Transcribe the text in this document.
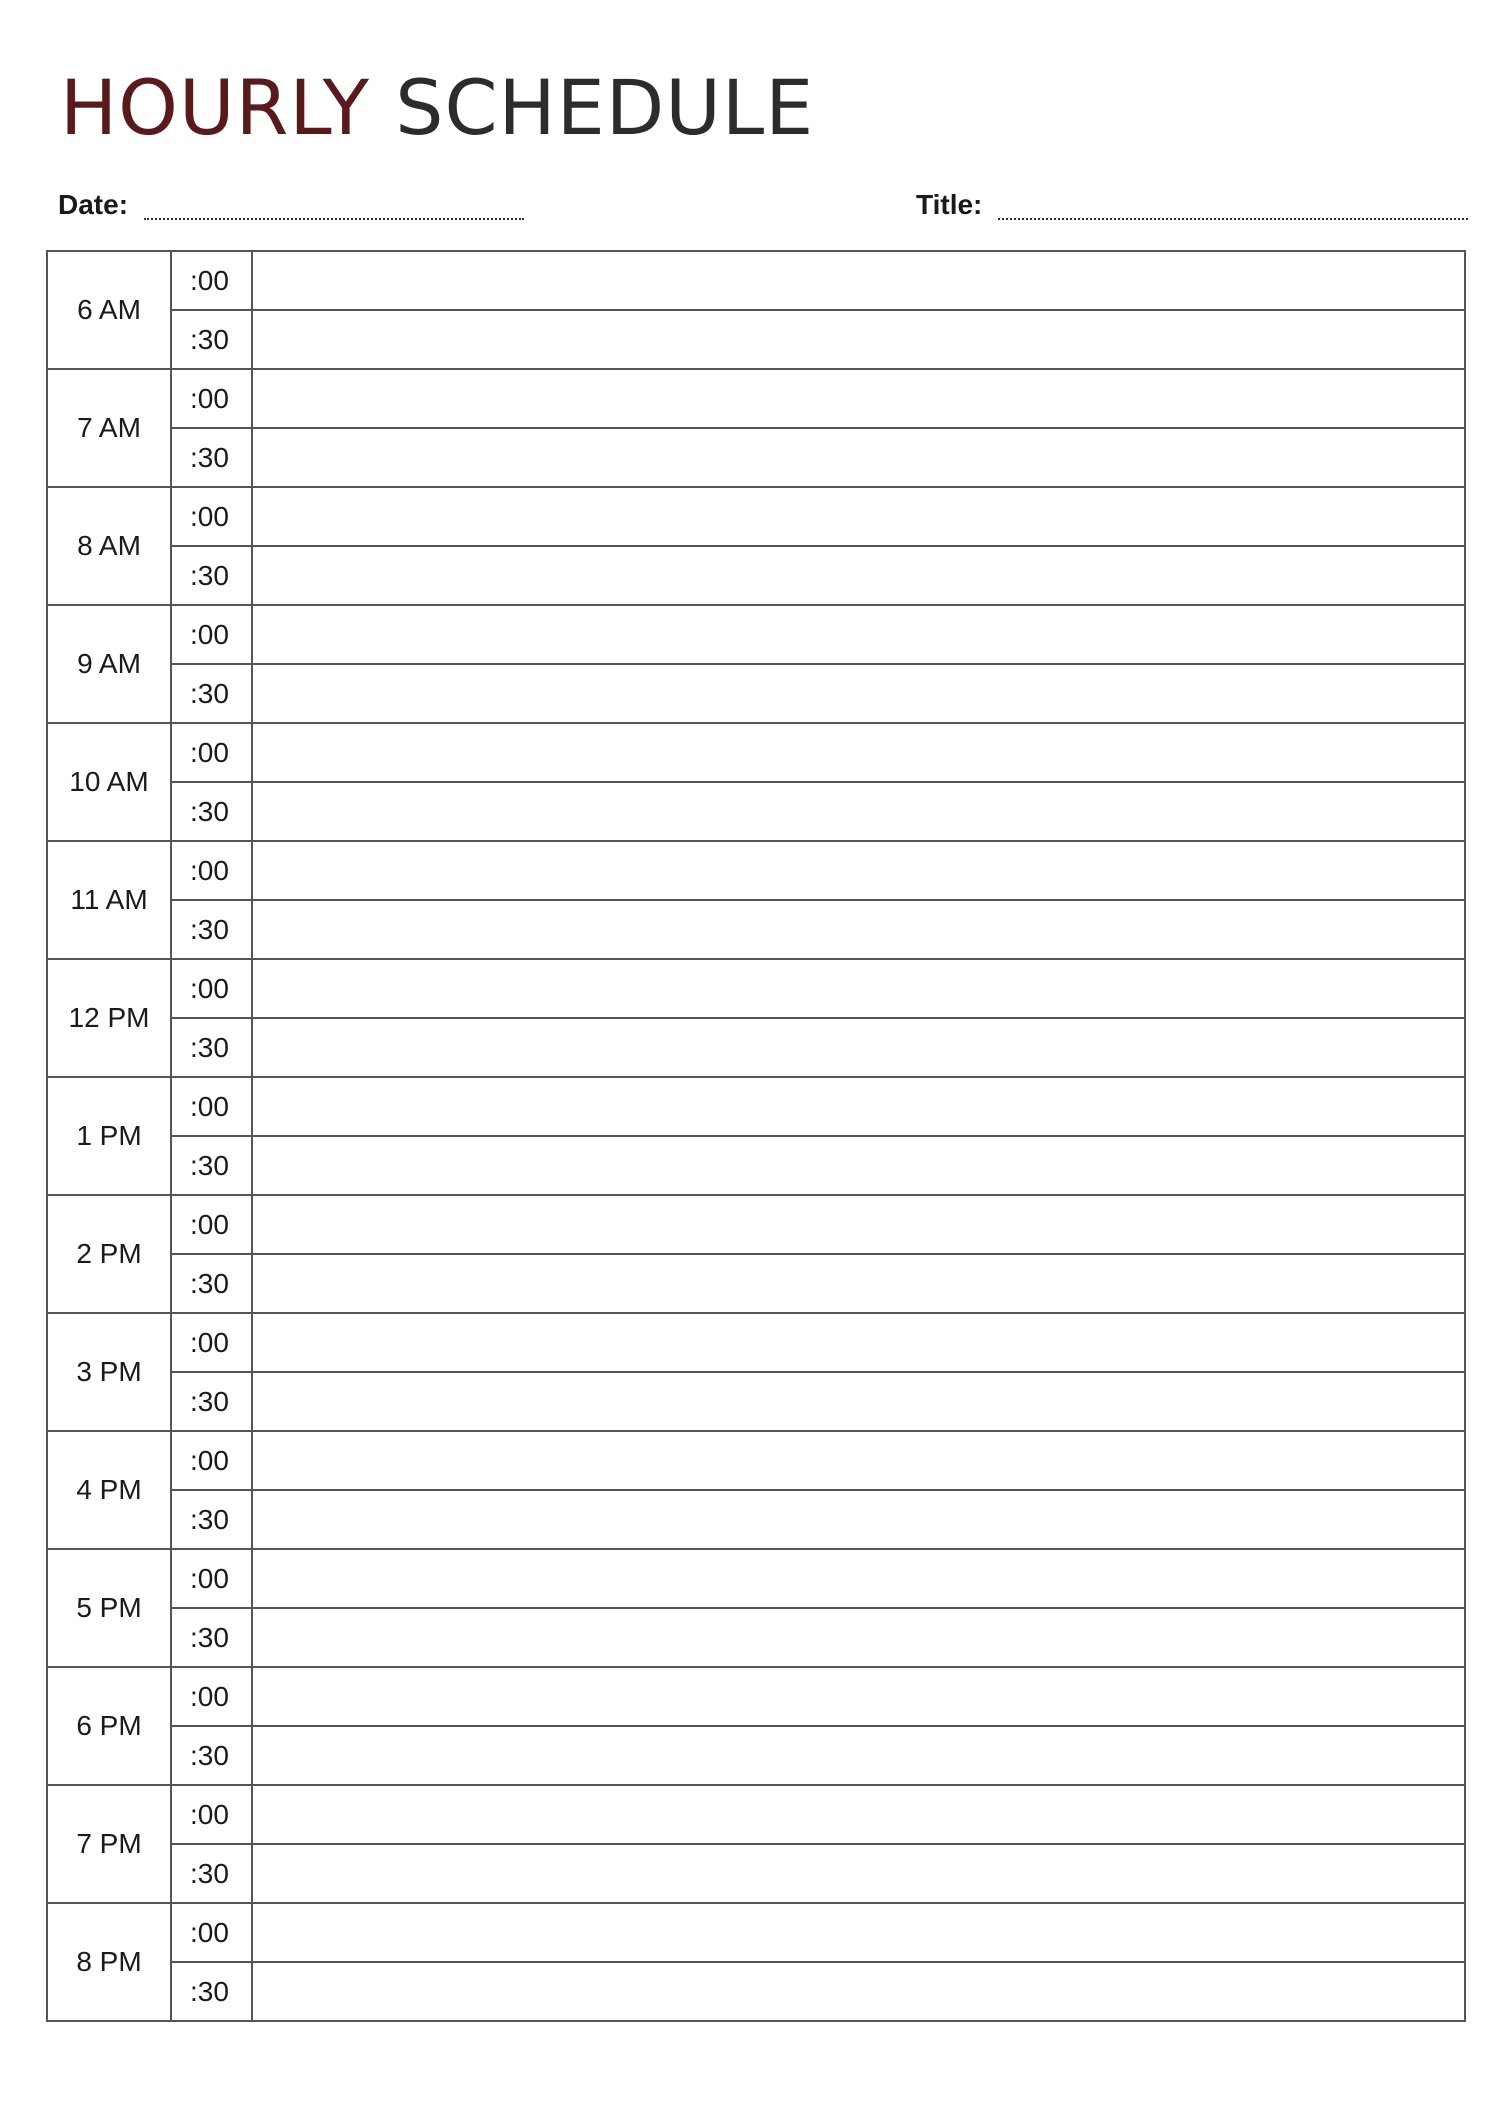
HOURLY SCHEDULE
Date:	Title:
6 AM	:00	
	:30	
7 AM	:00	
	:30	
8 AM	:00	
	:30	
9 AM	:00	
	:30	
10 AM	:00	
	:30	
11 AM	:00	
	:30	
12 PM	:00	
	:30	
1 PM	:00	
	:30	
2 PM	:00	
	:30	
3 PM	:00	
	:30	
4 PM	:00	
	:30	
5 PM	:00	
	:30	
6 PM	:00	
	:30	
7 PM	:00	
	:30	
8 PM	:00	
	:30	
